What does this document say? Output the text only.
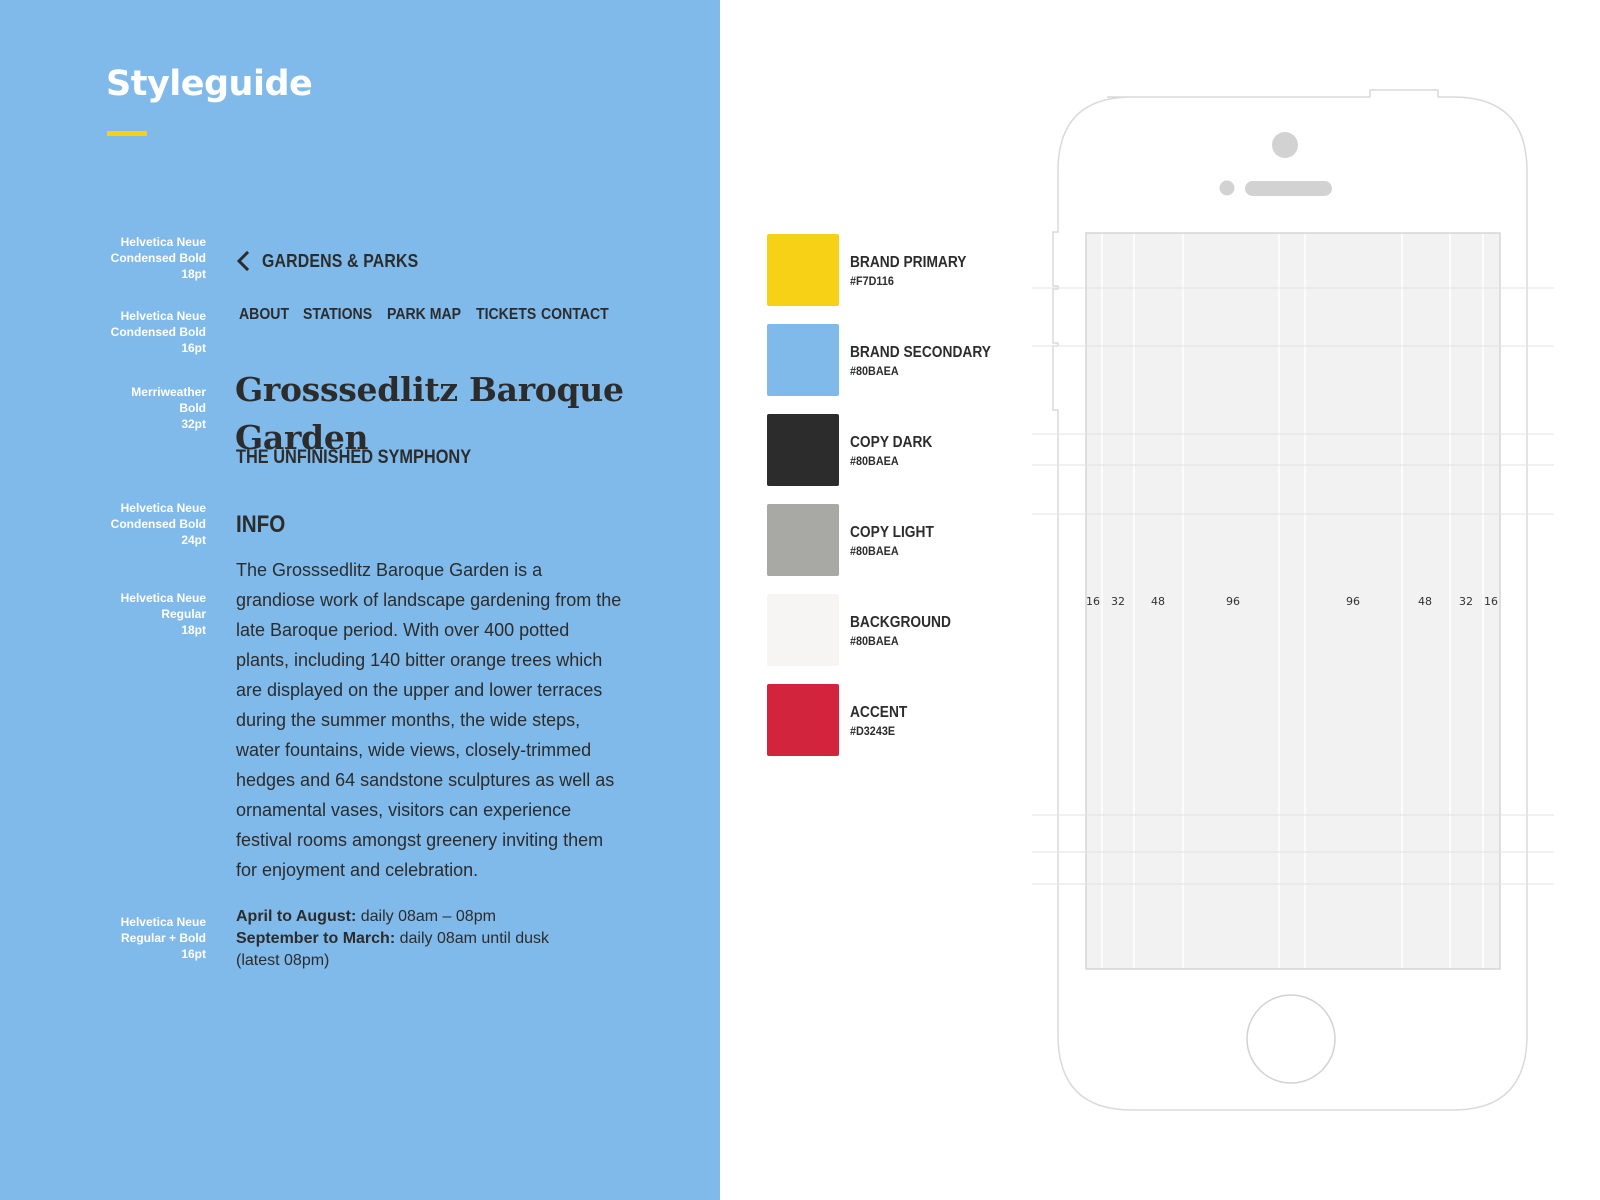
Styleguide
Helvetica Neue
Condensed Bold
18pt
GARDENS & PARKS
Helvetica Neue
Condensed Bold
16pt
ABOUT STATIONS PARK MAP TICKETS CONTACT
Merriweather
Bold
32pt
Grosssedlitz Baroque Garden
THE UNFINISHED SYMPHONY
Helvetica Neue
Condensed Bold
24pt
INFO
Helvetica Neue
Regular
18pt

The Grosssedlitz Baroque Garden is a grandiose work of landscape gardening from the late Baroque period. With over 400 potted plants, including 140 bitter orange trees which are displayed on the upper and lower terraces during the summer months, the wide steps, water fountains, wide views, closely-trimmed hedges and 64 sandstone sculptures as well as ornamental vases, visitors can experience festival rooms amongst greenery inviting them for enjoyment and celebration.

Helvetica Neue
Regular + Bold
16pt
April to August: daily 08am – 08pm
September to March: daily 08am until dusk
(latest 08pm)
BRAND PRIMARY
#F7D116
BRAND SECONDARY
#80BAEA
COPY DARK
#80BAEA
COPY LIGHT
#80BAEA
BACKGROUND
#80BAEA
ACCENT
#D3243E
16 32 48	96	96	48 32 16
